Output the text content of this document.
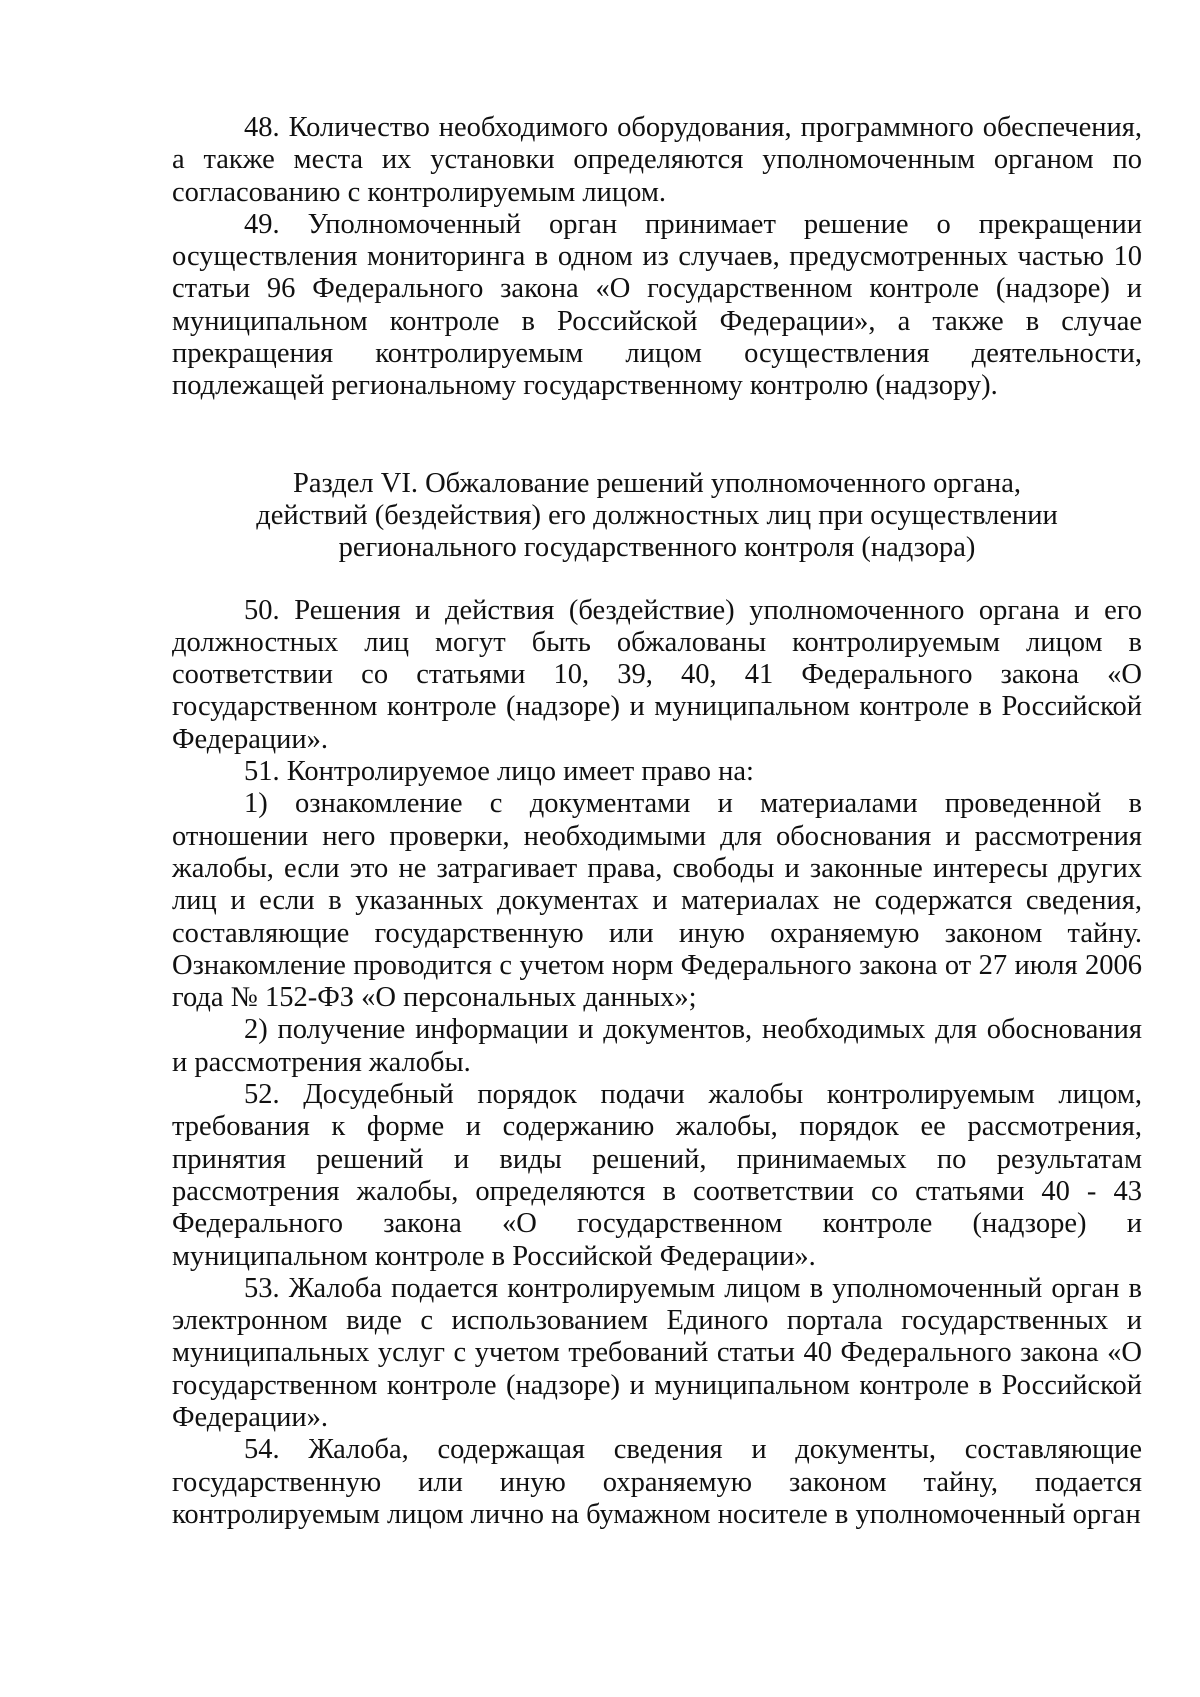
48. Количество необходимого оборудования, программного обеспечения, а также места их установки определяются уполномоченным органом по согласованию с контролируемым лицом.

49. Уполномоченный орган принимает решение о прекращении осуществления мониторинга в одном из случаев, предусмотренных частью 10 статьи 96 Федерального закона «О государственном контроле (надзоре) и муниципальном контроле в Российской Федерации», а также в случае прекращения контролируемым лицом осуществления деятельности, подлежащей региональному государственному контролю (надзору).

Раздел VI. Обжалование решений уполномоченного органа,
действий (бездействия) его должностных лиц при осуществлении
регионального государственного контроля (надзора)

50. Решения и действия (бездействие) уполномоченного органа и его должностных лиц могут быть обжалованы контролируемым лицом в соответствии со статьями 10, 39, 40, 41 Федерального закона «О государственном контроле (надзоре) и муниципальном контроле в Российской Федерации».

51. Контролируемое лицо имеет право на:

1) ознакомление с документами и материалами проведенной в отношении него проверки, необходимыми для обоснования и рассмотрения жалобы, если это не затрагивает права, свободы и законные интересы других лиц и если в указанных документах и материалах не содержатся сведения, составляющие государственную или иную охраняемую законом тайну. Ознакомление проводится с учетом норм Федерального закона от 27 июля 2006 года № 152-ФЗ «О персональных данных»;

2) получение информации и документов, необходимых для обоснования и рассмотрения жалобы.

52. Досудебный порядок подачи жалобы контролируемым лицом, требования к форме и содержанию жалобы, порядок ее рассмотрения, принятия решений и виды решений, принимаемых по результатам рассмотрения жалобы, определяются в соответствии со статьями 40 - 43 Федерального закона «О государственном контроле (надзоре) и муниципальном контроле в Российской Федерации».

53. Жалоба подается контролируемым лицом в уполномоченный орган в электронном виде с использованием Единого портала государственных и муниципальных услуг с учетом требований статьи 40 Федерального закона «О государственном контроле (надзоре) и муниципальном контроле в Российской Федерации».

54. Жалоба, содержащая сведения и документы, составляющие государственную или иную охраняемую законом тайну, подается контролируемым лицом лично на бумажном носителе в уполномоченный орган
